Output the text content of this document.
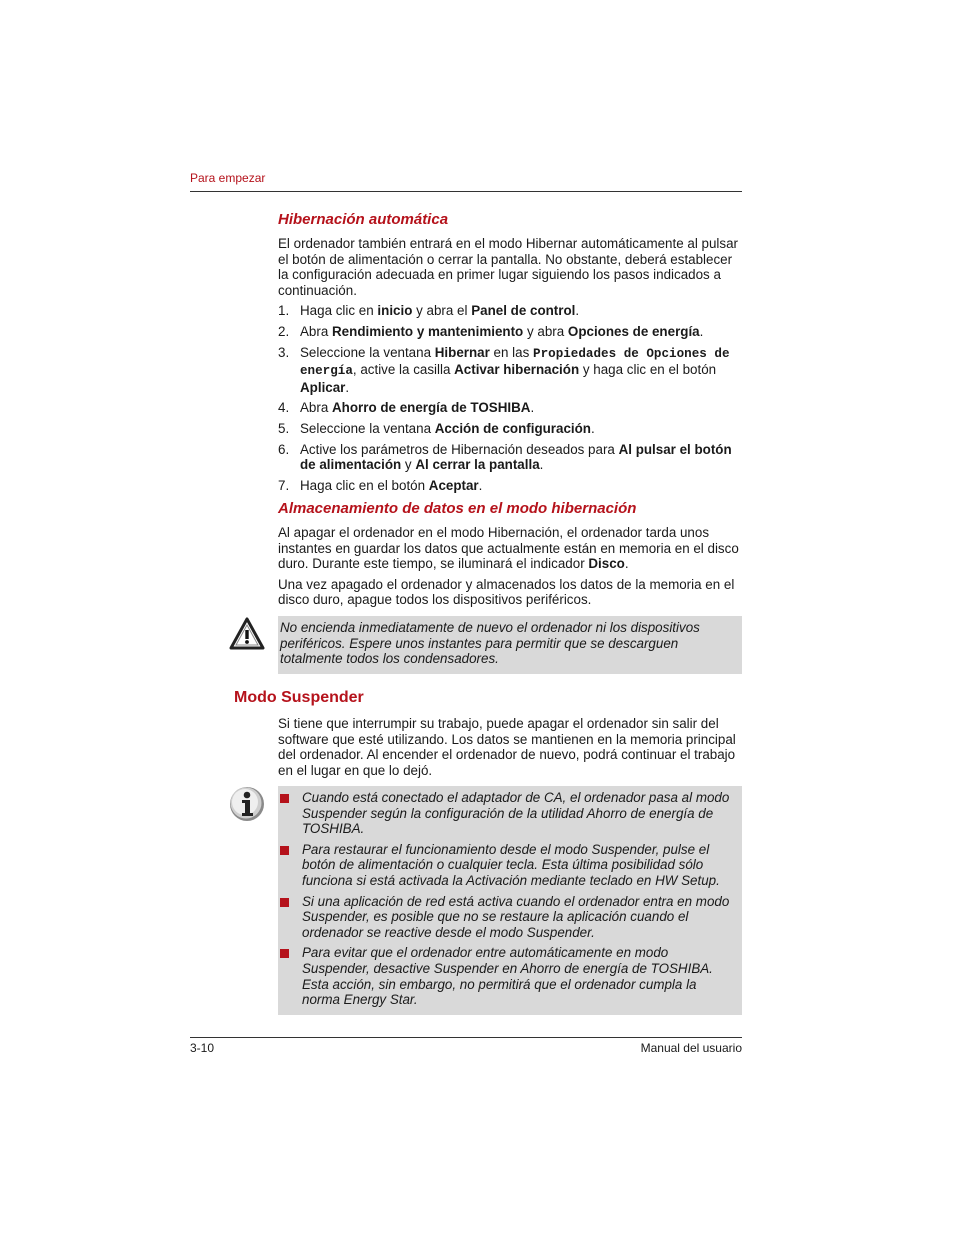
Para empezar
Hibernación automática

El ordenador también entrará en el modo Hibernar automáticamente al pulsar el botón de alimentación o cerrar la pantalla. No obstante, deberá establecer la configuración adecuada en primer lugar siguiendo los pasos indicados a continuación.

1. Haga clic en inicio y abra el Panel de control.
2. Abra Rendimiento y mantenimiento y abra Opciones de energía.
3. Seleccione la ventana Hibernar en las Propiedades de Opciones de energía, active la casilla Activar hibernación y haga clic en el botón Aplicar.
4. Abra Ahorro de energía de TOSHIBA.
5. Seleccione la ventana Acción de configuración.
6. Active los parámetros de Hibernación deseados para Al pulsar el botón de alimentación y Al cerrar la pantalla.
7. Haga clic en el botón Aceptar.
Almacenamiento de datos en el modo hibernación

Al apagar el ordenador en el modo Hibernación, el ordenador tarda unos instantes en guardar los datos que actualmente están en memoria en el disco duro. Durante este tiempo, se iluminará el indicador Disco.

Una vez apagado el ordenador y almacenados los datos de la memoria en el disco duro, apague todos los dispositivos periféricos.

No encienda inmediatamente de nuevo el ordenador ni los dispositivos periféricos. Espere unos instantes para permitir que se descarguen totalmente todos los condensadores.

Modo Suspender

Si tiene que interrumpir su trabajo, puede apagar el ordenador sin salir del software que esté utilizando. Los datos se mantienen en la memoria principal del ordenador. Al encender el ordenador de nuevo, podrá continuar el trabajo en el lugar en que lo dejó.

Cuando está conectado el adaptador de CA, el ordenador pasa al modo Suspender según la configuración de la utilidad Ahorro de energía de TOSHIBA.
Para restaurar el funcionamiento desde el modo Suspender, pulse el botón de alimentación o cualquier tecla. Esta última posibilidad sólo funciona si está activada la Activación mediante teclado en HW Setup.
Si una aplicación de red está activa cuando el ordenador entra en modo Suspender, es posible que no se restaure la aplicación cuando el ordenador se reactive desde el modo Suspender.
Para evitar que el ordenador entre automáticamente en modo Suspender, desactive Suspender en Ahorro de energía de TOSHIBA. Esta acción, sin embargo, no permitirá que el ordenador cumpla la norma Energy Star.
3-10	Manual del usuario
